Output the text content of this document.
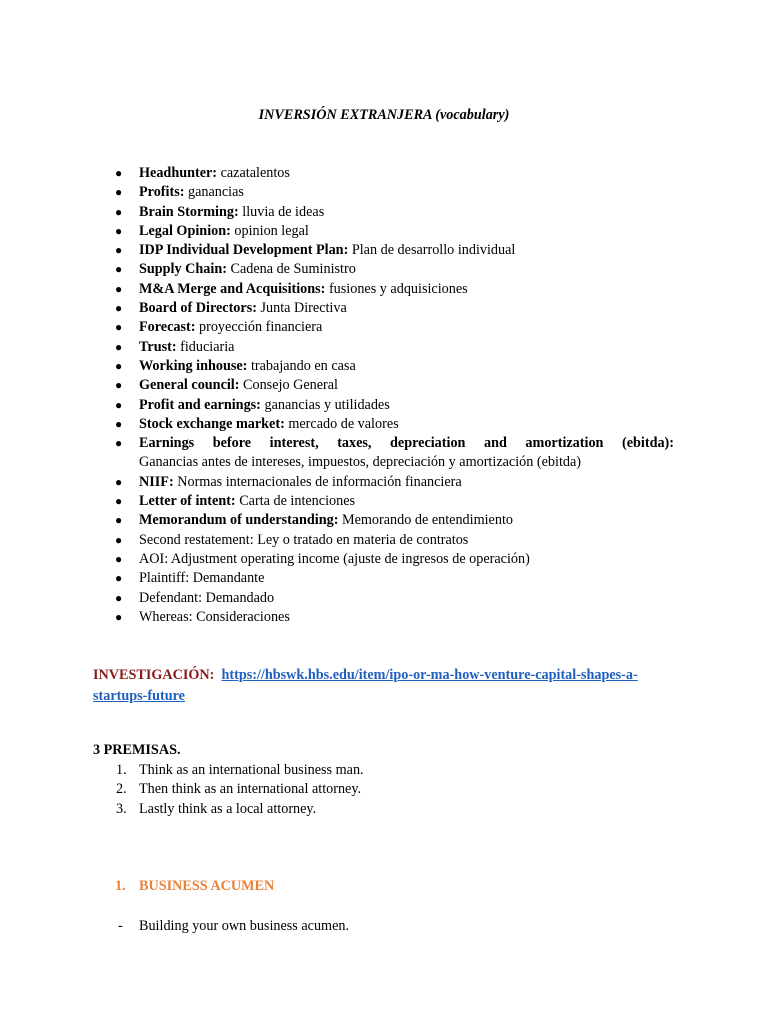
INVERSIÓN EXTRANJERA (vocabulary)
● Headhunter: cazatalentos
● Profits: ganancias
● Brain Storming: lluvia de ideas
● Legal Opinion: opinion legal
● IDP Individual Development Plan: Plan de desarrollo individual
● Supply Chain: Cadena de Suministro
● M&A Merge and Acquisitions: fusiones y adquisiciones
● Board of Directors: Junta Directiva
● Forecast: proyección financiera
● Trust: fiduciaria
● Working inhouse: trabajando en casa
● General council: Consejo General
● Profit and earnings: ganancias y utilidades
● Stock exchange market: mercado de valores
● Earnings before interest, taxes, depreciation and amortization (ebitda):
Ganancias antes de intereses, impuestos, depreciación y amortización (ebitda)
● NIIF: Normas internacionales de información financiera
● Letter of intent: Carta de intenciones
● Memorandum of understanding: Memorando de entendimiento
● Second restatement: Ley o tratado en materia de contratos
● AOI: Adjustment operating income (ajuste de ingresos de operación)
● Plaintiff: Demandante
● Defendant: Demandado
● Whereas: Consideraciones
INVESTIGACIÓN: https://hbswk.hbs.edu/item/ipo-or-ma-how-venture-capital-shapes-a-startups-future
3 PREMISAS.
1. Think as an international business man.
2. Then think as an international attorney.
3. Lastly think as a local attorney.
1. BUSINESS ACUMEN
- Building your own business acumen.
